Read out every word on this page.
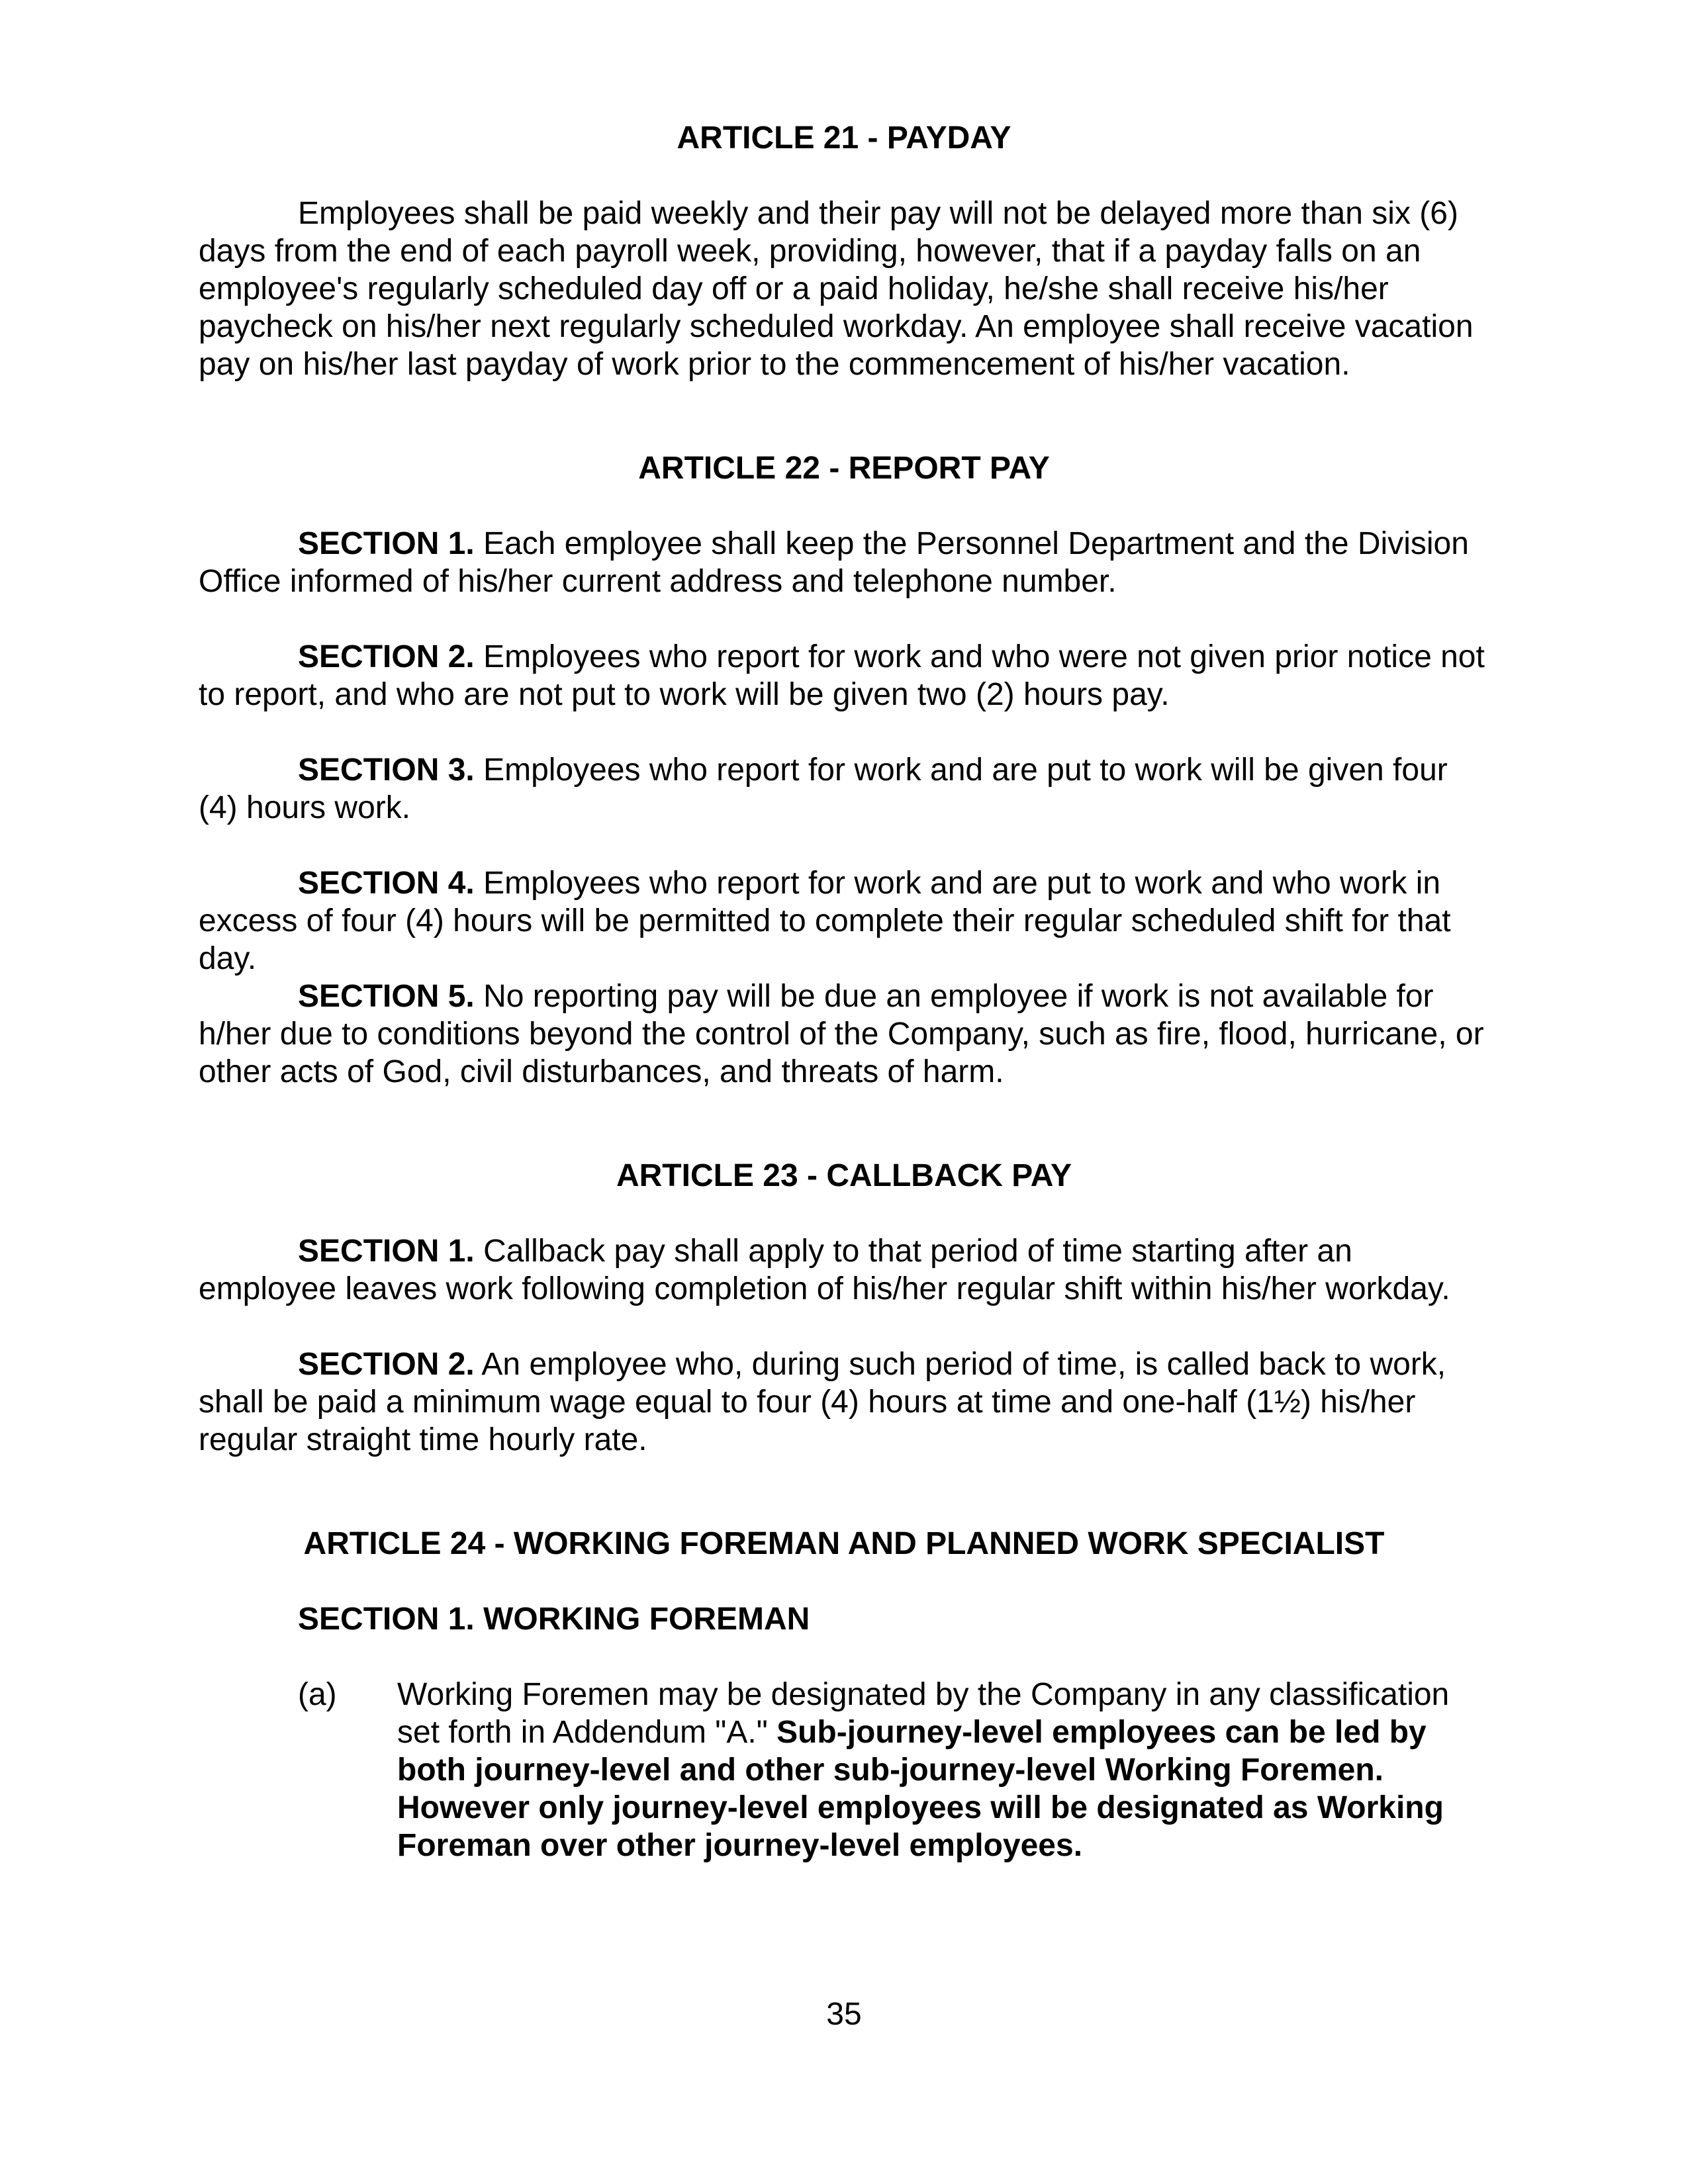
ARTICLE 21 - PAYDAY

Employees shall be paid weekly and their pay will not be delayed more than six (6) days from the end of each payroll week, providing, however, that if a payday falls on an employee's regularly scheduled day off or a paid holiday, he/she shall receive his/her paycheck on his/her next regularly scheduled workday. An employee shall receive vacation pay on his/her last payday of work prior to the commencement of his/her vacation.

ARTICLE 22 - REPORT PAY

SECTION 1. Each employee shall keep the Personnel Department and the Division Office informed of his/her current address and telephone number.

SECTION 2. Employees who report for work and who were not given prior notice not to report, and who are not put to work will be given two (2) hours pay.

SECTION 3. Employees who report for work and are put to work will be given four (4) hours work.

SECTION 4. Employees who report for work and are put to work and who work in excess of four (4) hours will be permitted to complete their regular scheduled shift for that day.

SECTION 5. No reporting pay will be due an employee if work is not available for h/her due to conditions beyond the control of the Company, such as fire, flood, hurricane, or other acts of God, civil disturbances, and threats of harm.

ARTICLE 23 - CALLBACK PAY

SECTION 1. Callback pay shall apply to that period of time starting after an employee leaves work following completion of his/her regular shift within his/her workday.

SECTION 2. An employee who, during such period of time, is called back to work, shall be paid a minimum wage equal to four (4) hours at time and one-half (1½) his/her regular straight time hourly rate.

ARTICLE 24 - WORKING FOREMAN AND PLANNED WORK SPECIALIST
SECTION 1. WORKING FOREMAN
(a) Working Foremen may be designated by the Company in any classification set forth in Addendum "A." Sub-journey-level employees can be led by both journey-level and other sub-journey-level Working Foremen. However only journey-level employees will be designated as Working Foreman over other journey-level employees.
35
